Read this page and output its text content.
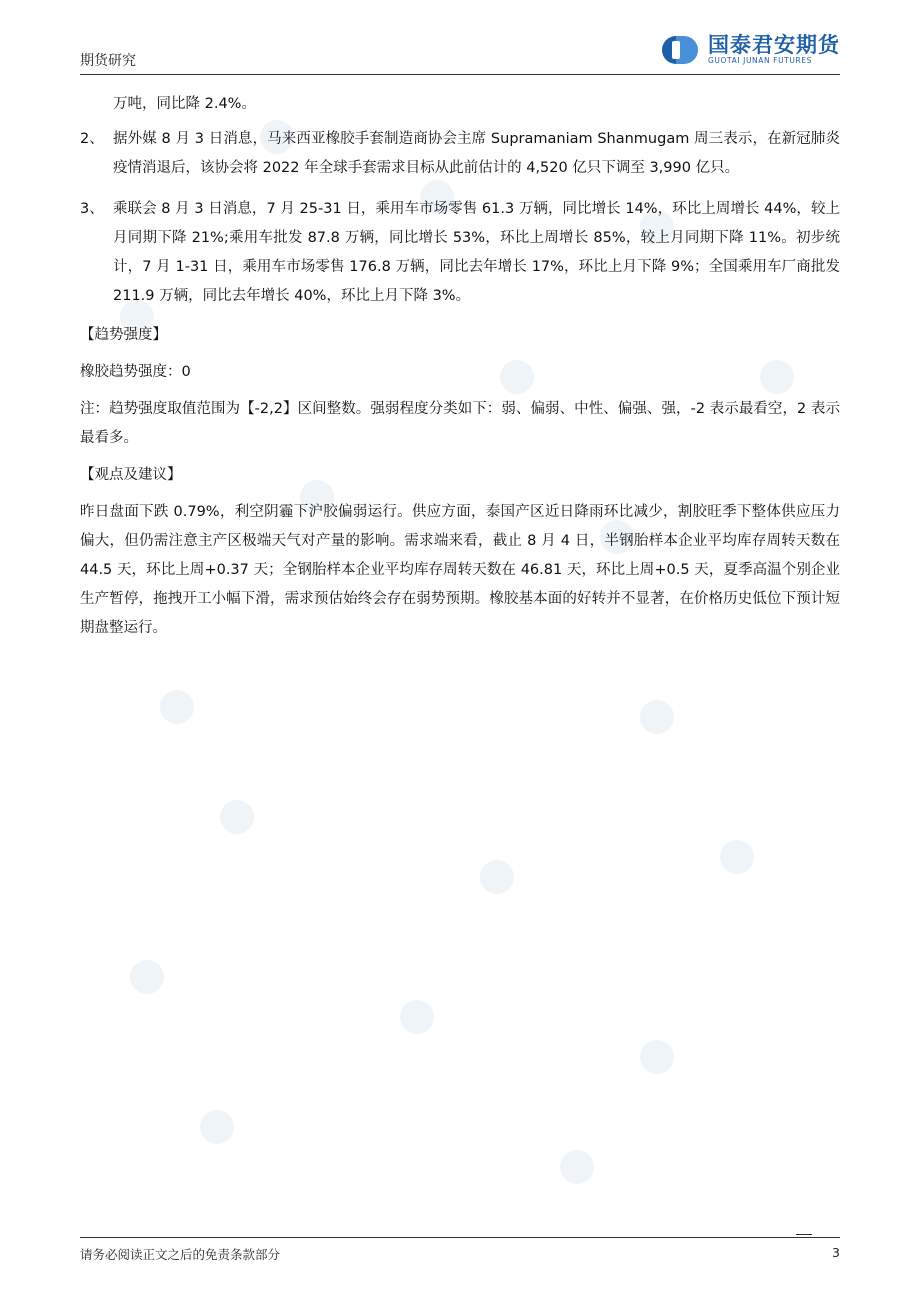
期货研究
国泰君安期货
GUOTAI JUNAN FUTURES

万吨，同比降 2.4%。

2、 据外媒 8 月 3 日消息，马来西亚橡胶手套制造商协会主席 Supramaniam Shanmugam 周三表示，在新冠肺炎疫情消退后，该协会将 2022 年全球手套需求目标从此前估计的 4,520 亿只下调至 3,990 亿只。
3、 乘联会 8 月 3 日消息，7 月 25-31 日，乘用车市场零售 61.3 万辆，同比增长 14%，环比上周增长 44%，较上月同期下降 21%;乘用车批发 87.8 万辆，同比增长 53%，环比上周增长 85%，较上月同期下降 11%。初步统计，7 月 1-31 日，乘用车市场零售 176.8 万辆，同比去年增长 17%，环比上月下降 9%；全国乘用车厂商批发 211.9 万辆，同比去年增长 40%，环比上月下降 3%。

【趋势强度】

橡胶趋势强度：0

注：趋势强度取值范围为【-2,2】区间整数。强弱程度分类如下：弱、偏弱、中性、偏强、强，-2 表示最看空，2 表示最看多。

【观点及建议】

昨日盘面下跌 0.79%，利空阴霾下沪胶偏弱运行。供应方面，泰国产区近日降雨环比减少，割胶旺季下整体供应压力偏大，但仍需注意主产区极端天气对产量的影响。需求端来看，截止 8 月 4 日，半钢胎样本企业平均库存周转天数在 44.5 天，环比上周+0.37 天；全钢胎样本企业平均库存周转天数在 46.81 天，环比上周+0.5 天，夏季高温个别企业生产暂停，拖拽开工小幅下滑，需求预估始终会存在弱势预期。橡胶基本面的好转并不显著，在价格历史低位下预计短期盘整运行。

请务必阅读正文之后的免责条款部分	3
